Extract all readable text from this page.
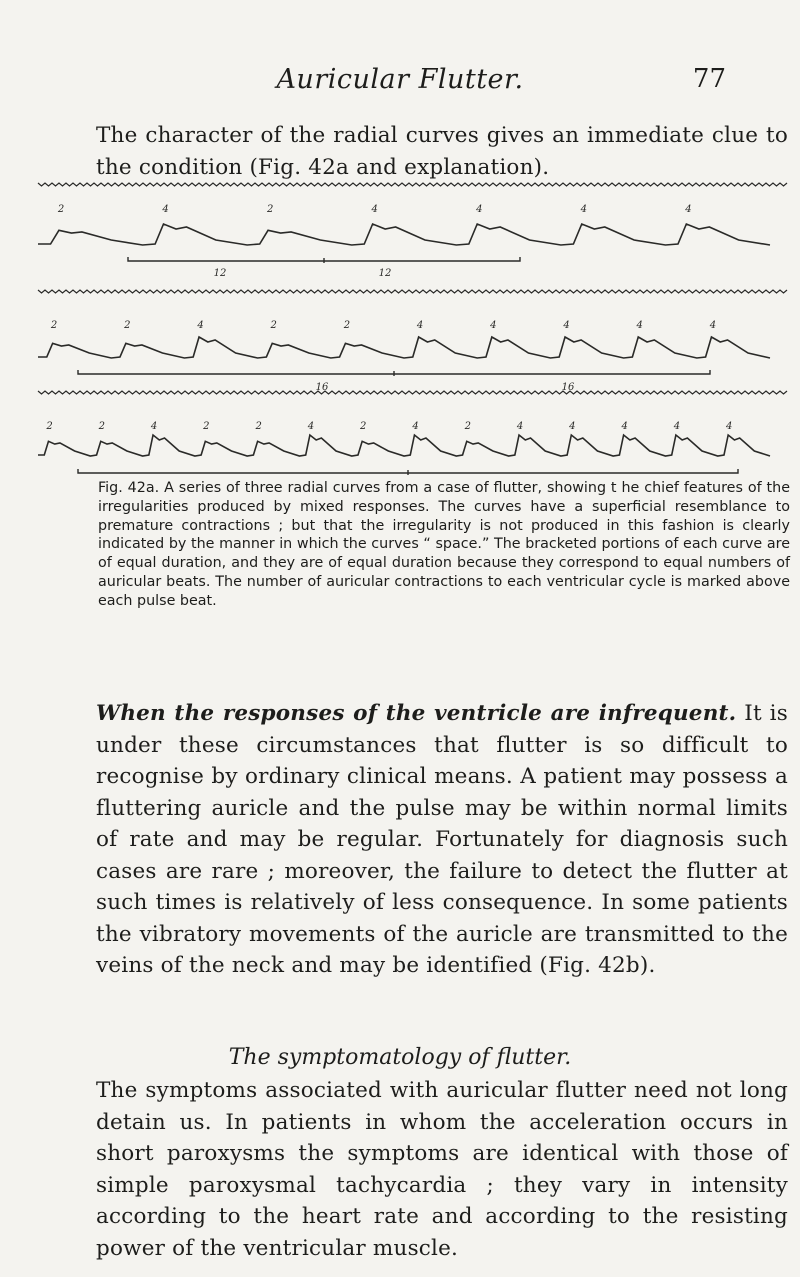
Auricular Flutter.	77

The character of the radial curves gives an immediate clue to the condition (Fig. 42a and explanation).

2	4	2	4	4	4	4
12	12
2	2	4	2	2	4	4	4	4	4
16	16
2	2	4	2	2	4	2	4	2	4	4	4	4	4

Fig. 42a. A series of three radial curves from a case of flutter, showing t he chief features of the irregularities produced by mixed responses. The curves have a superficial resemblance to premature contractions ; but that the irregularity is not produced in this fashion is clearly indicated by the manner in which the curves “ space.” The bracketed portions of each curve are of equal duration, and they are of equal duration because they correspond to equal numbers of auricular beats. The number of auricular contractions to each ventricular cycle is marked above each pulse beat.

When the responses of the ventricle are infrequent. It is under these circumstances that flutter is so difficult to recognise by ordinary clinical means. A patient may possess a fluttering auricle and the pulse may be within normal limits of rate and may be regular. Fortunately for diagnosis such cases are rare ; moreover, the failure to detect the flutter at such times is relatively of less consequence. In some patients the vibratory movements of the auricle are transmitted to the veins of the neck and may be identified (Fig. 42b).

The symptomatology of flutter.

The symptoms associated with auricular flutter need not long detain us. In patients in whom the acceleration occurs in short paroxysms the symptoms are identical with those of simple paroxysmal tachycardia ; they vary in intensity according to the heart rate and according to the resisting power of the ventricular muscle.
